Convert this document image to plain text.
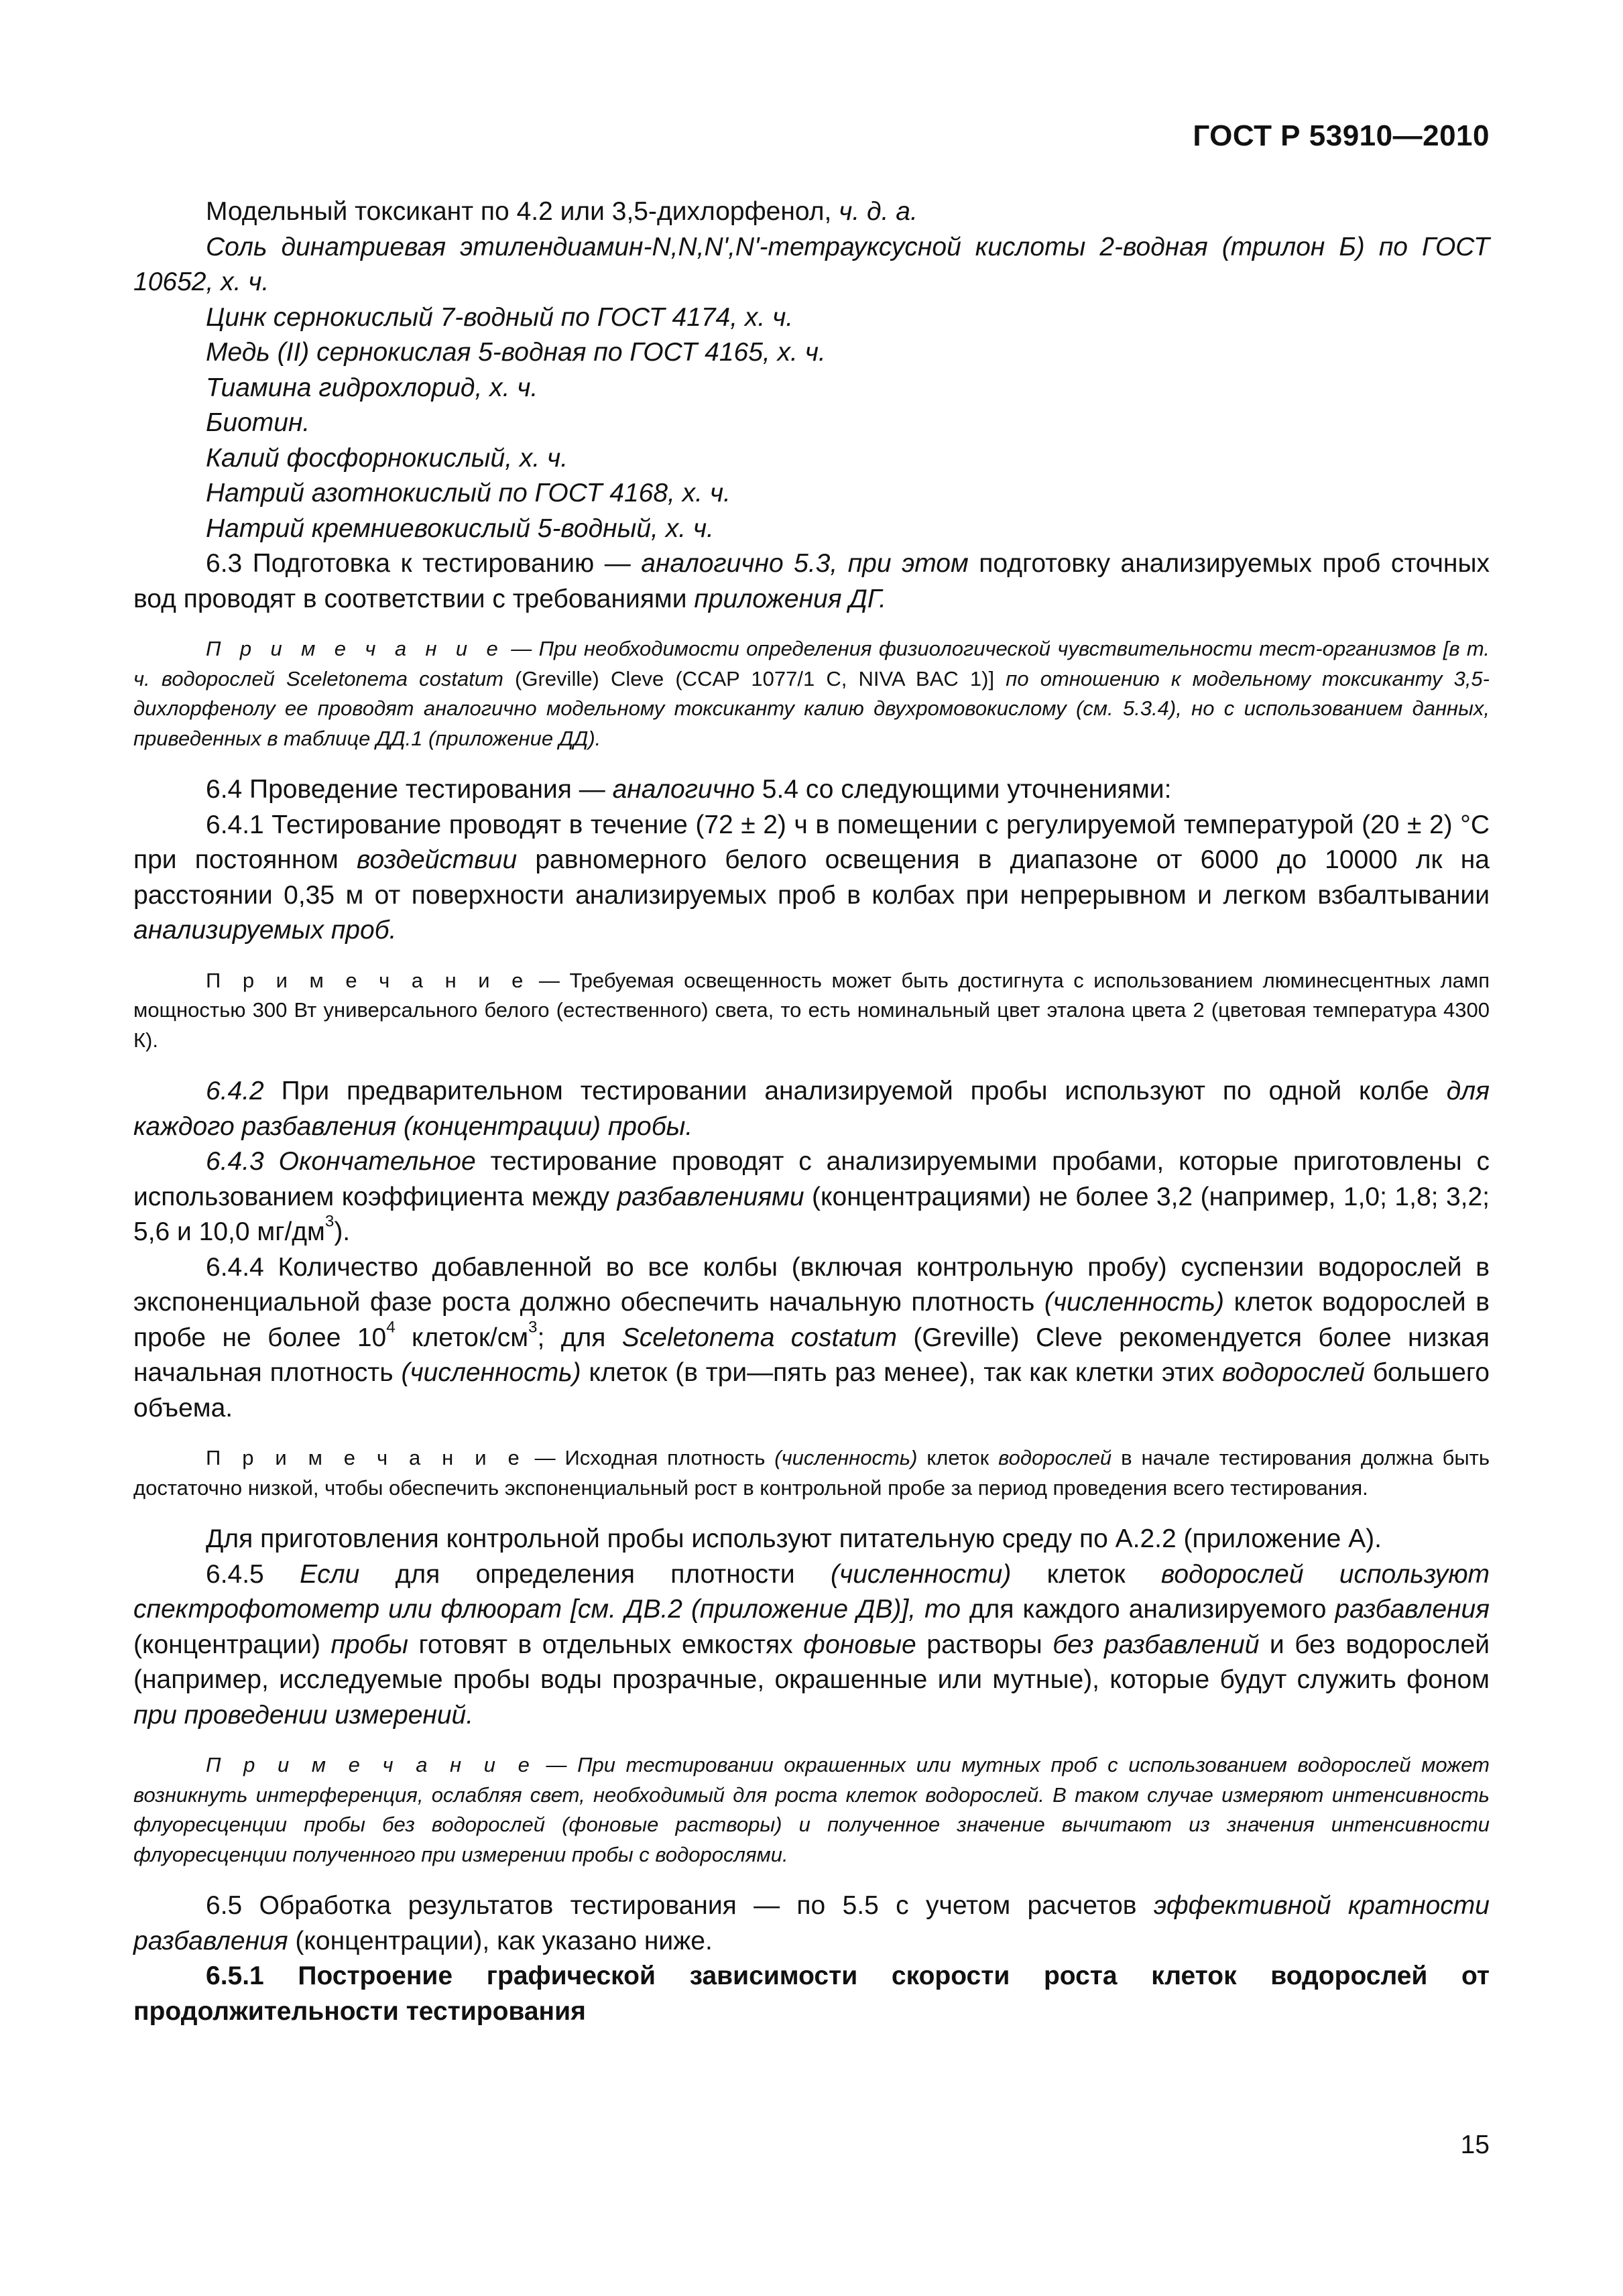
ГОСТ Р 53910—2010

Модельный токсикант по 4.2 или 3,5-дихлорфенол, ч. д. а.

Соль динатриевая этилендиамин-N,N,N',N'-тетрауксусной кислоты 2-водная (трилон Б) по ГОСТ 10652, х. ч.

Цинк сернокислый 7-водный по ГОСТ 4174, х. ч.

Медь (II) сернокислая 5-водная по ГОСТ 4165, х. ч.

Тиамина гидрохлорид, х. ч.

Биотин.

Калий фосфорнокислый, х. ч.

Натрий азотнокислый по ГОСТ 4168, х. ч.

Натрий кремниевокислый 5-водный, х. ч.

6.3 Подготовка к тестированию — аналогично 5.3, при этом подготовку анализируемых проб сточных вод проводят в соответствии с требованиями приложения ДГ.

П р и м е ч а н и е — При необходимости определения физиологической чувствительности тест-организмов [в т. ч. водорослей Sceletonema costatum (Greville) Cleve (CCAP 1077/1 C, NIVA BAC 1)] по отношению к модельному токсиканту 3,5-дихлорфенолу ее проводят аналогично модельному токсиканту калию двухромовокислому (см. 5.3.4), но с использованием данных, приведенных в таблице ДД.1 (приложение ДД).

6.4 Проведение тестирования — аналогично 5.4 со следующими уточнениями:

6.4.1 Тестирование проводят в течение (72 ± 2) ч в помещении с регулируемой температурой (20 ± 2) °С при постоянном воздействии равномерного белого освещения в диапазоне от 6000 до 10000 лк на расстоянии 0,35 м от поверхности анализируемых проб в колбах при непрерывном и легком взбалтывании анализируемых проб.

П р и м е ч а н и е — Требуемая освещенность может быть достигнута с использованием люминесцентных ламп мощностью 300 Вт универсального белого (естественного) света, то есть номинальный цвет эталона цвета 2 (цветовая температура 4300 К).

6.4.2 При предварительном тестировании анализируемой пробы используют по одной колбе для каждого разбавления (концентрации) пробы.

6.4.3 Окончательное тестирование проводят с анализируемыми пробами, которые приготовлены с использованием коэффициента между разбавлениями (концентрациями) не более 3,2 (например, 1,0; 1,8; 3,2; 5,6 и 10,0 $мг/дм^3$).

6.4.4 Количество добавленной во все колбы (включая контрольную пробу) суспензии водорослей в экспоненциальной фазе роста должно обеспечить начальную плотность (численность) клеток водорослей в пробе не более $10^4$ клеток/$см^3$; для Sceletonema costatum (Greville) Cleve рекомендуется более низкая начальная плотность (численность) клеток (в три—пять раз менее), так как клетки этих водорослей большего объема.

П р и м е ч а н и е — Исходная плотность (численность) клеток водорослей в начале тестирования должна быть достаточно низкой, чтобы обеспечить экспоненциальный рост в контрольной пробе за период проведения всего тестирования.

Для приготовления контрольной пробы используют питательную среду по А.2.2 (приложение А).

6.4.5 Если для определения плотности (численности) клеток водорослей используют спектрофотометр или флюорат [см. ДВ.2 (приложение ДВ)], то для каждого анализируемого разбавления (концентрации) пробы готовят в отдельных емкостях фоновые растворы без разбавлений и без водорослей (например, исследуемые пробы воды прозрачные, окрашенные или мутные), которые будут служить фоном при проведении измерений.

П р и м е ч а н и е — При тестировании окрашенных или мутных проб с использованием водорослей может возникнуть интерференция, ослабляя свет, необходимый для роста клеток водорослей. В таком случае измеряют интенсивность флуоресценции пробы без водорослей (фоновые растворы) и полученное значение вычитают из значения интенсивности флуоресценции полученного при измерении пробы с водорослями.

6.5 Обработка результатов тестирования — по 5.5 с учетом расчетов эффективной кратности разбавления (концентрации), как указано ниже.

6.5.1 Построение графической зависимости скорости роста клеток водорослей от продолжительности тестирования

15
